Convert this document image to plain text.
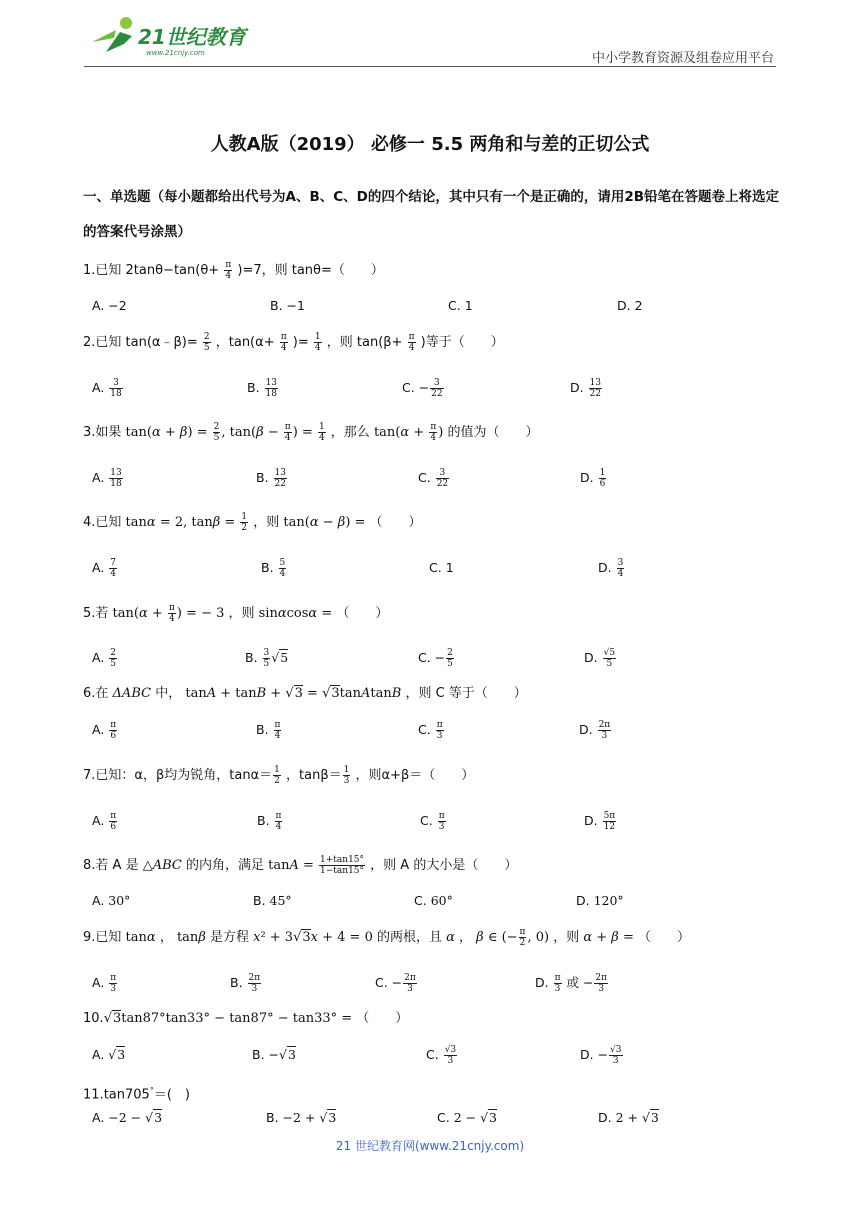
21世纪教育
www.21cnjy.com	中小学教育资源及组卷应用平台
人教A版（2019） 必修一 5.5 两角和与差的正切公式
一、单选题（每小题都给出代号为A、B、C、D的四个结论，其中只有一个是正确的，请用2B铅笔在答题卷上将选定的答案代号涂黑）
1.已知 $2\tan\theta-\tan(\theta+ \frac{\pi}{4} )=7$，则 tanθ=（　　）
A. −2	B. −1	C. 1	D. 2
2.已知 tan(α﹣β)= $\frac{2}{5}$ ，$\tan(\alpha+ \frac{\pi}{4}$ )= $\frac{1}{4}$ ，则 $\tan(\beta+ \frac{\pi}{4}$ )等于（　　）
A. $\frac{3}{18}$	B. $\frac{13}{18}$	C. − $\frac{3}{22}$	D. $\frac{13}{22}$
3.如果 $\tan(\alpha + \beta) = \frac{2}{5}$ , $\tan(\beta - \frac{\pi}{4}$ ) = $\frac{1}{4}$ ，那么 $\tan(\alpha + \frac{\pi}{4}$ ) 的值为（　　）
A. $\frac{13}{18}$	B. $\frac{13}{22}$	C. $\frac{3}{22}$	D. $\frac{1}{6}$
4.已知 tanα = 2, $\tan\beta = \frac{1}{2}$ ，则 tan(α − β) = （　　）
A. $\frac{7}{4}$	B. $\frac{5}{4}$	C. 1	D. $\frac{3}{4}$
5.若 $\tan(\alpha + \frac{\pi}{4}$ ) = − 3 ，则 sinαcosα = （　　）
A. $\frac{2}{5}$	B. $\frac{3}{5} √5$	C. − $\frac{2}{5}$	D. $\frac{√5}{5}$
6.在 ΔABC 中， tanA + tanB + √3 = √3tanAtanB ，则 C 等于（　　）
A. $\frac{\pi}{6}$	B. $\frac{\pi}{4}$	C. $\frac{\pi}{3}$	D. $\frac{2\pi}{3}$
7.已知：α，β均为锐角，$\tan\alpha= \frac{1}{2}$ ，$\tan\beta= \frac{1}{3}$ ，则α+β＝（　　）
A. $\frac{\pi}{6}$	B. $\frac{\pi}{4}$	C. $\frac{\pi}{3}$	D. $\frac{5\pi}{12}$
8.若 A 是 △ABC 的内角，满足 $\tan A = \frac{1+\tan 15^\circ}{1-\tan 15^\circ}$ ，则 A 的大小是（　　）
A. 30°	B. 45°	C. 60°	D. 120°
9.已知 tanα ， tanβ 是方程 x² + 3√3x + 4 = 0 的两根，且 α ， β ∈ (− $\frac{\pi}{2}$ , 0) ，则 α + β = （　　）
A. $\frac{\pi}{3}$	B. $\frac{2\pi}{3}$	C. − $\frac{2\pi}{3}$	D. $\frac{\pi}{3}$ 或 − $\frac{2\pi}{3}$
10.√3tan87°tan33° − tan87° − tan33° = （　　）
A. √3	B. −√3	C. $\frac{√3}{3}$	D. − $\frac{√3}{3}$
11.tan705°＝(　)
A. −2 − √3	B. −2 + √3	C. 2 − √3	D. 2 + √3
21 世纪教育网(www.21cnjy.com)
